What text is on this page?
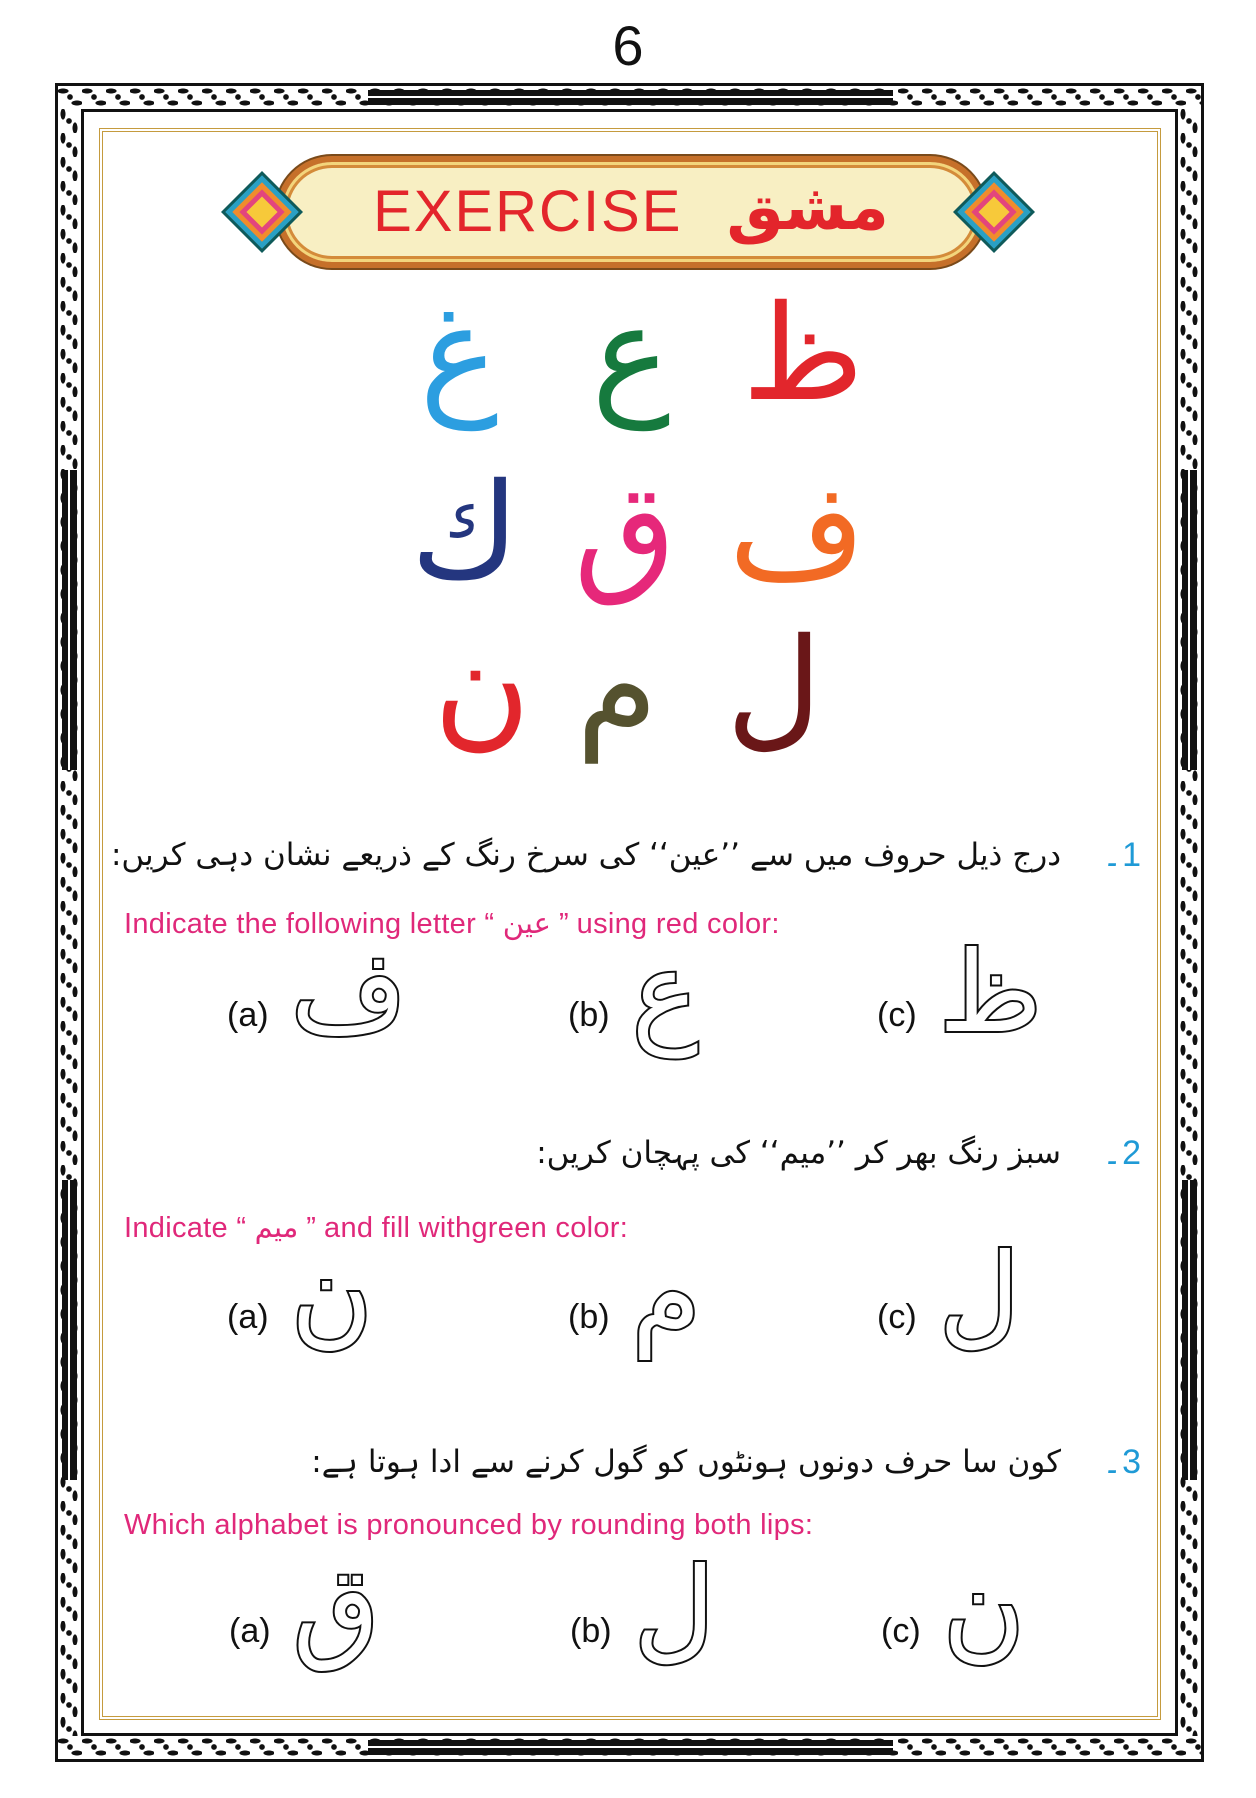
6
EXERCISE مشق
غ ع ظ
ك ق ف
ن م ل
1۔
درج ذیل حروف میں سے ’’عین‘‘ کی سرخ رنگ کے ذریعے نشان دہی کریں:
Indicate the following letter “ عین ” using red color:
(a) ف	(b) ع	(c) ظ
2۔
سبز رنگ بھر کر ’’میم‘‘ کی پہچان کریں:
Indicate “ میم ” and fill withgreen color:
(a) ن	(b) م	(c) ل
3۔
کون سا حرف دونوں ہونٹوں کو گول کرنے سے ادا ہوتا ہے:
Which alphabet is pronounced by rounding both lips:
(a) ق	(b) ل	(c) ن
